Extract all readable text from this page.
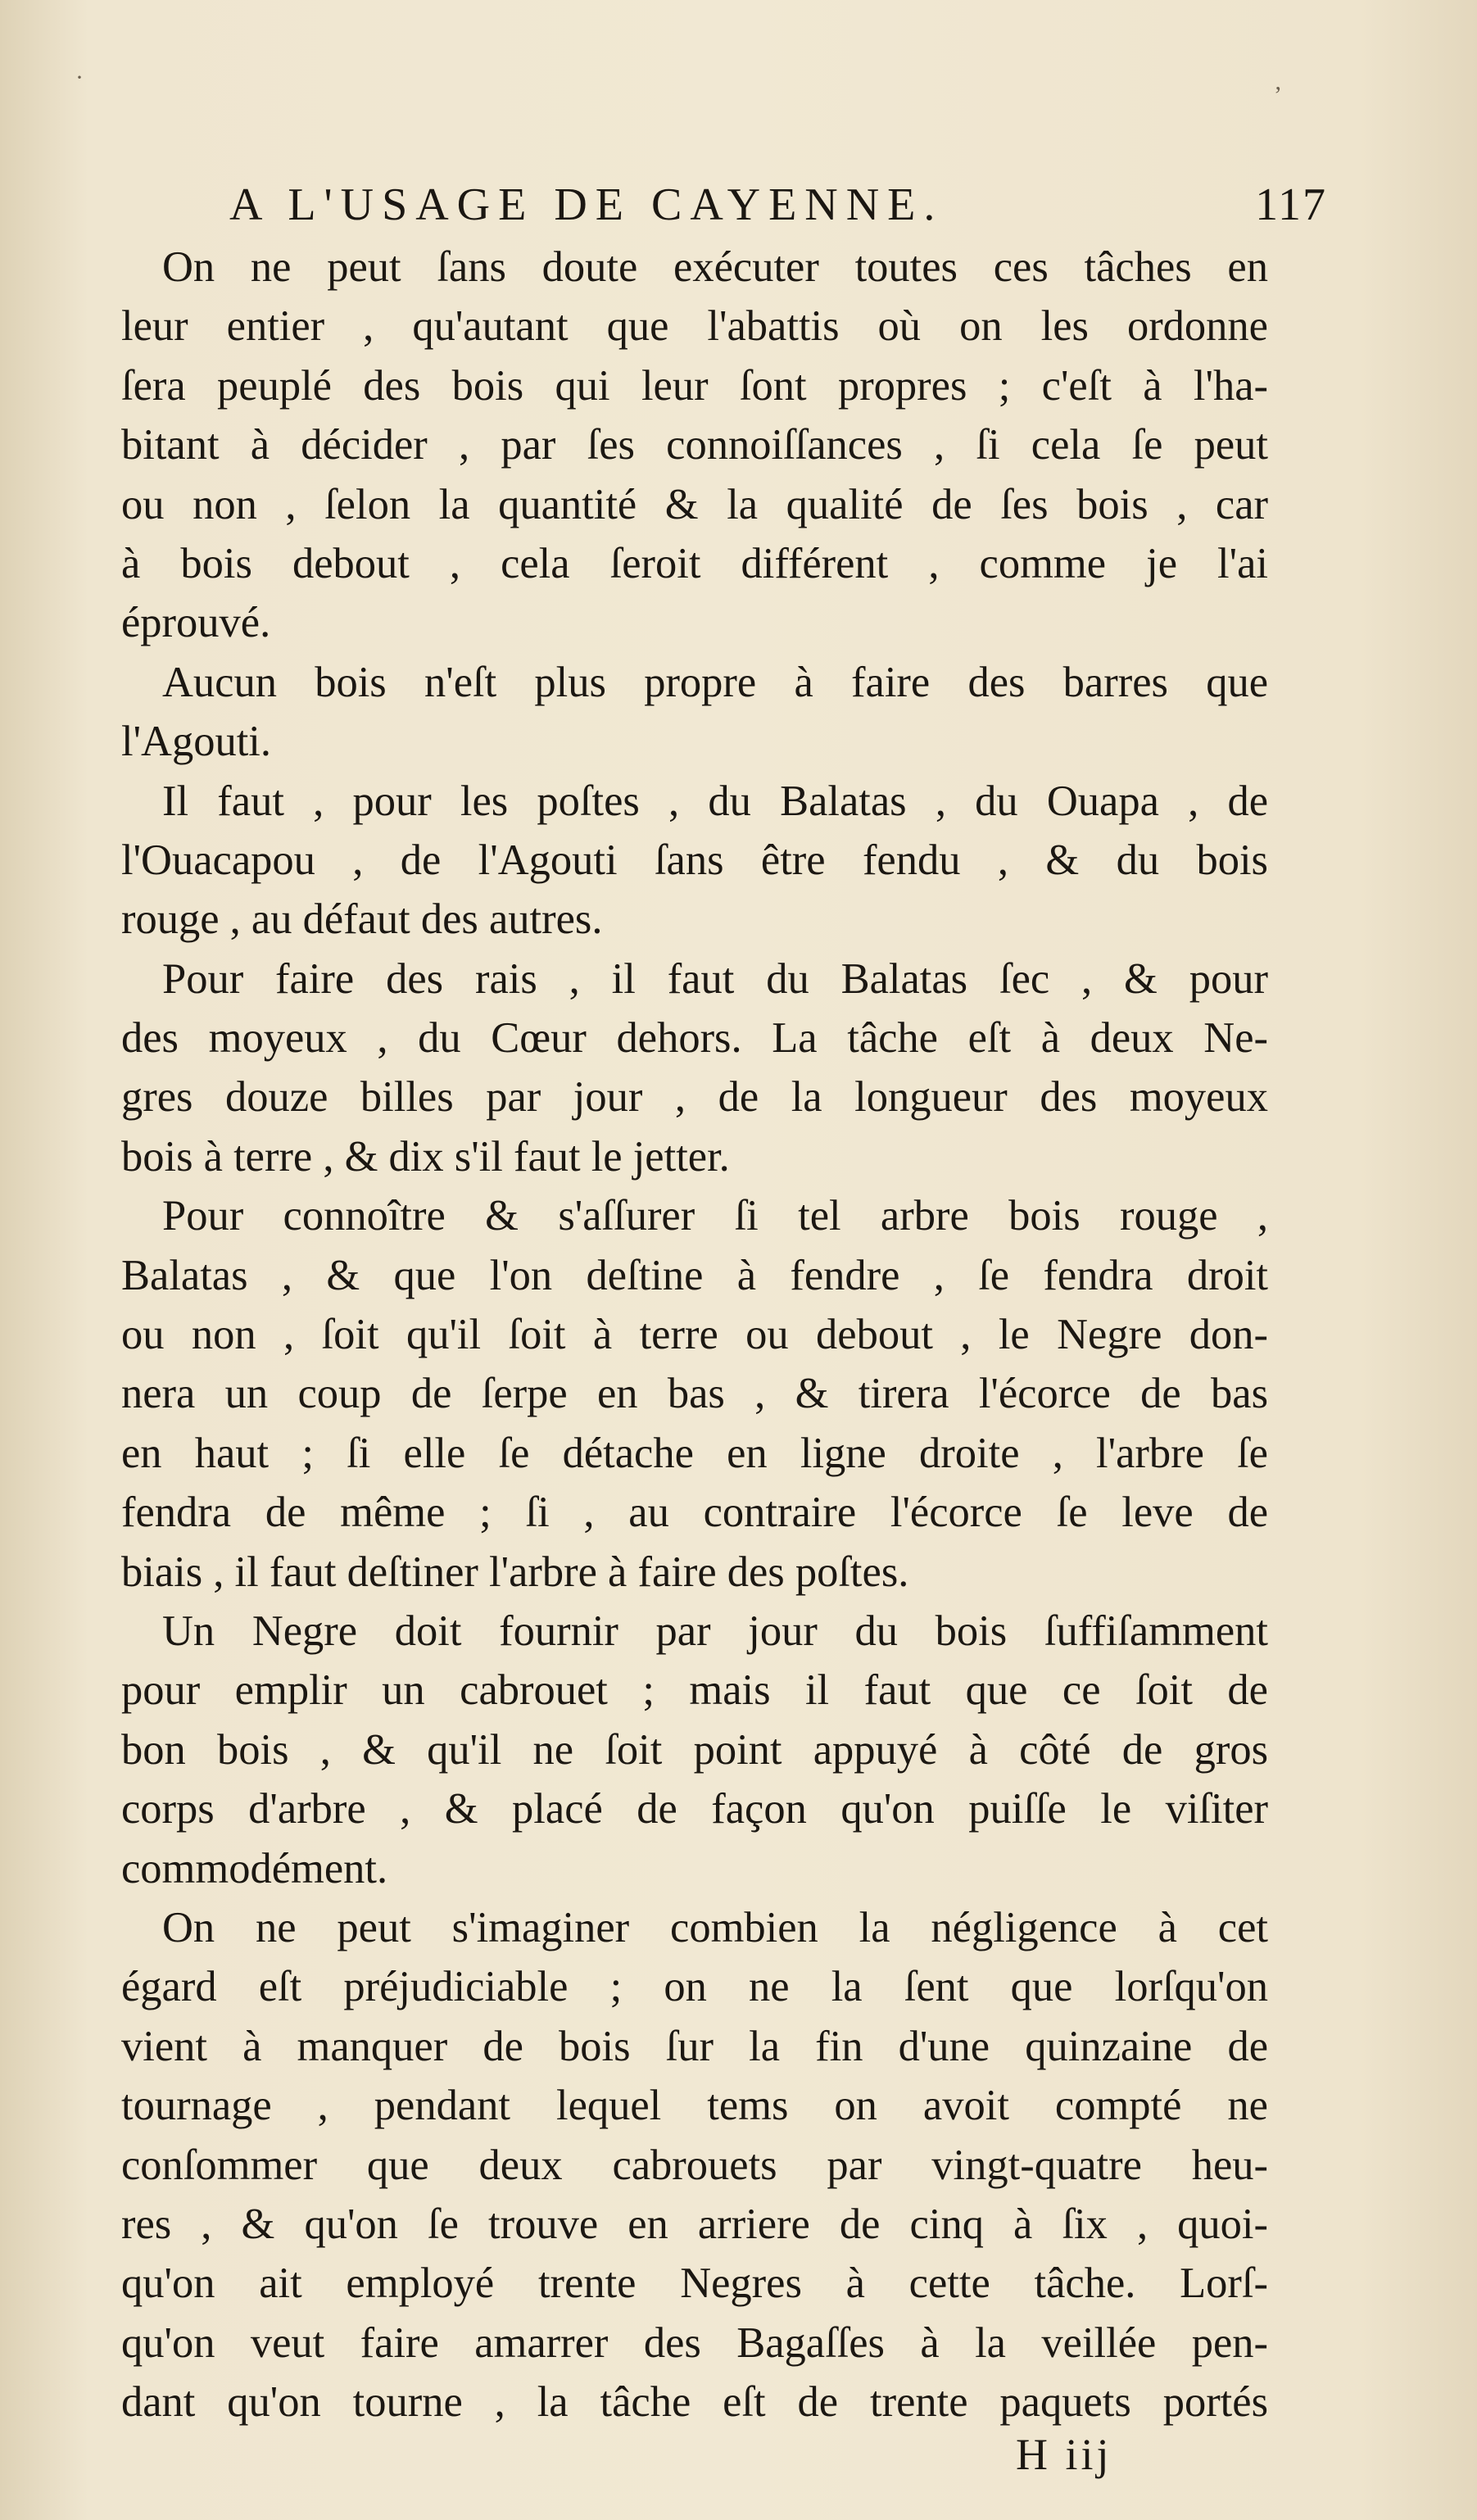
·
ʼ
A L'USAGE DE CAYENNE.	117
On ne peut ſans doute exécuter toutes ces tâches en
leur entier , qu'autant que l'abattis où on les ordonne
ſera peuplé des bois qui leur ſont propres ; c'eſt à l'ha-
bitant à décider , par ſes connoiſſances , ſi cela ſe peut
ou non , ſelon la quantité & la qualité de ſes bois , car
à bois debout , cela ſeroit différent , comme je l'ai
éprouvé.
Aucun bois n'eſt plus propre à faire des barres que
l'Agouti.
Il faut , pour les poſtes , du Balatas , du Ouapa , de
l'Ouacapou , de l'Agouti ſans être fendu , & du bois
rouge , au défaut des autres.
Pour faire des rais , il faut du Balatas ſec , & pour
des moyeux , du Cœur dehors. La tâche eſt à deux Ne-
gres douze billes par jour , de la longueur des moyeux
bois à terre , & dix s'il faut le jetter.
Pour connoître & s'aſſurer ſi tel arbre bois rouge ,
Balatas , & que l'on deſtine à fendre , ſe fendra droit
ou non , ſoit qu'il ſoit à terre ou debout , le Negre don-
nera un coup de ſerpe en bas , & tirera l'écorce de bas
en haut ; ſi elle ſe détache en ligne droite , l'arbre ſe
fendra de même ; ſi , au contraire l'écorce ſe leve de
biais , il faut deſtiner l'arbre à faire des poſtes.
Un Negre doit fournir par jour du bois ſuffiſamment
pour emplir un cabrouet ; mais il faut que ce ſoit de
bon bois , & qu'il ne ſoit point appuyé à côté de gros
corps d'arbre , & placé de façon qu'on puiſſe le viſiter
commodément.
On ne peut s'imaginer combien la négligence à cet
égard eſt préjudiciable ; on ne la ſent que lorſqu'on
vient à manquer de bois ſur la fin d'une quinzaine de
tournage , pendant lequel tems on avoit compté ne
conſommer que deux cabrouets par vingt-quatre heu-
res , & qu'on ſe trouve en arriere de cinq à ſix , quoi-
qu'on ait employé trente Negres à cette tâche. Lorſ-
qu'on veut faire amarrer des Bagaſſes à la veillée pen-
dant qu'on tourne , la tâche eſt de trente paquets portés
H iij
